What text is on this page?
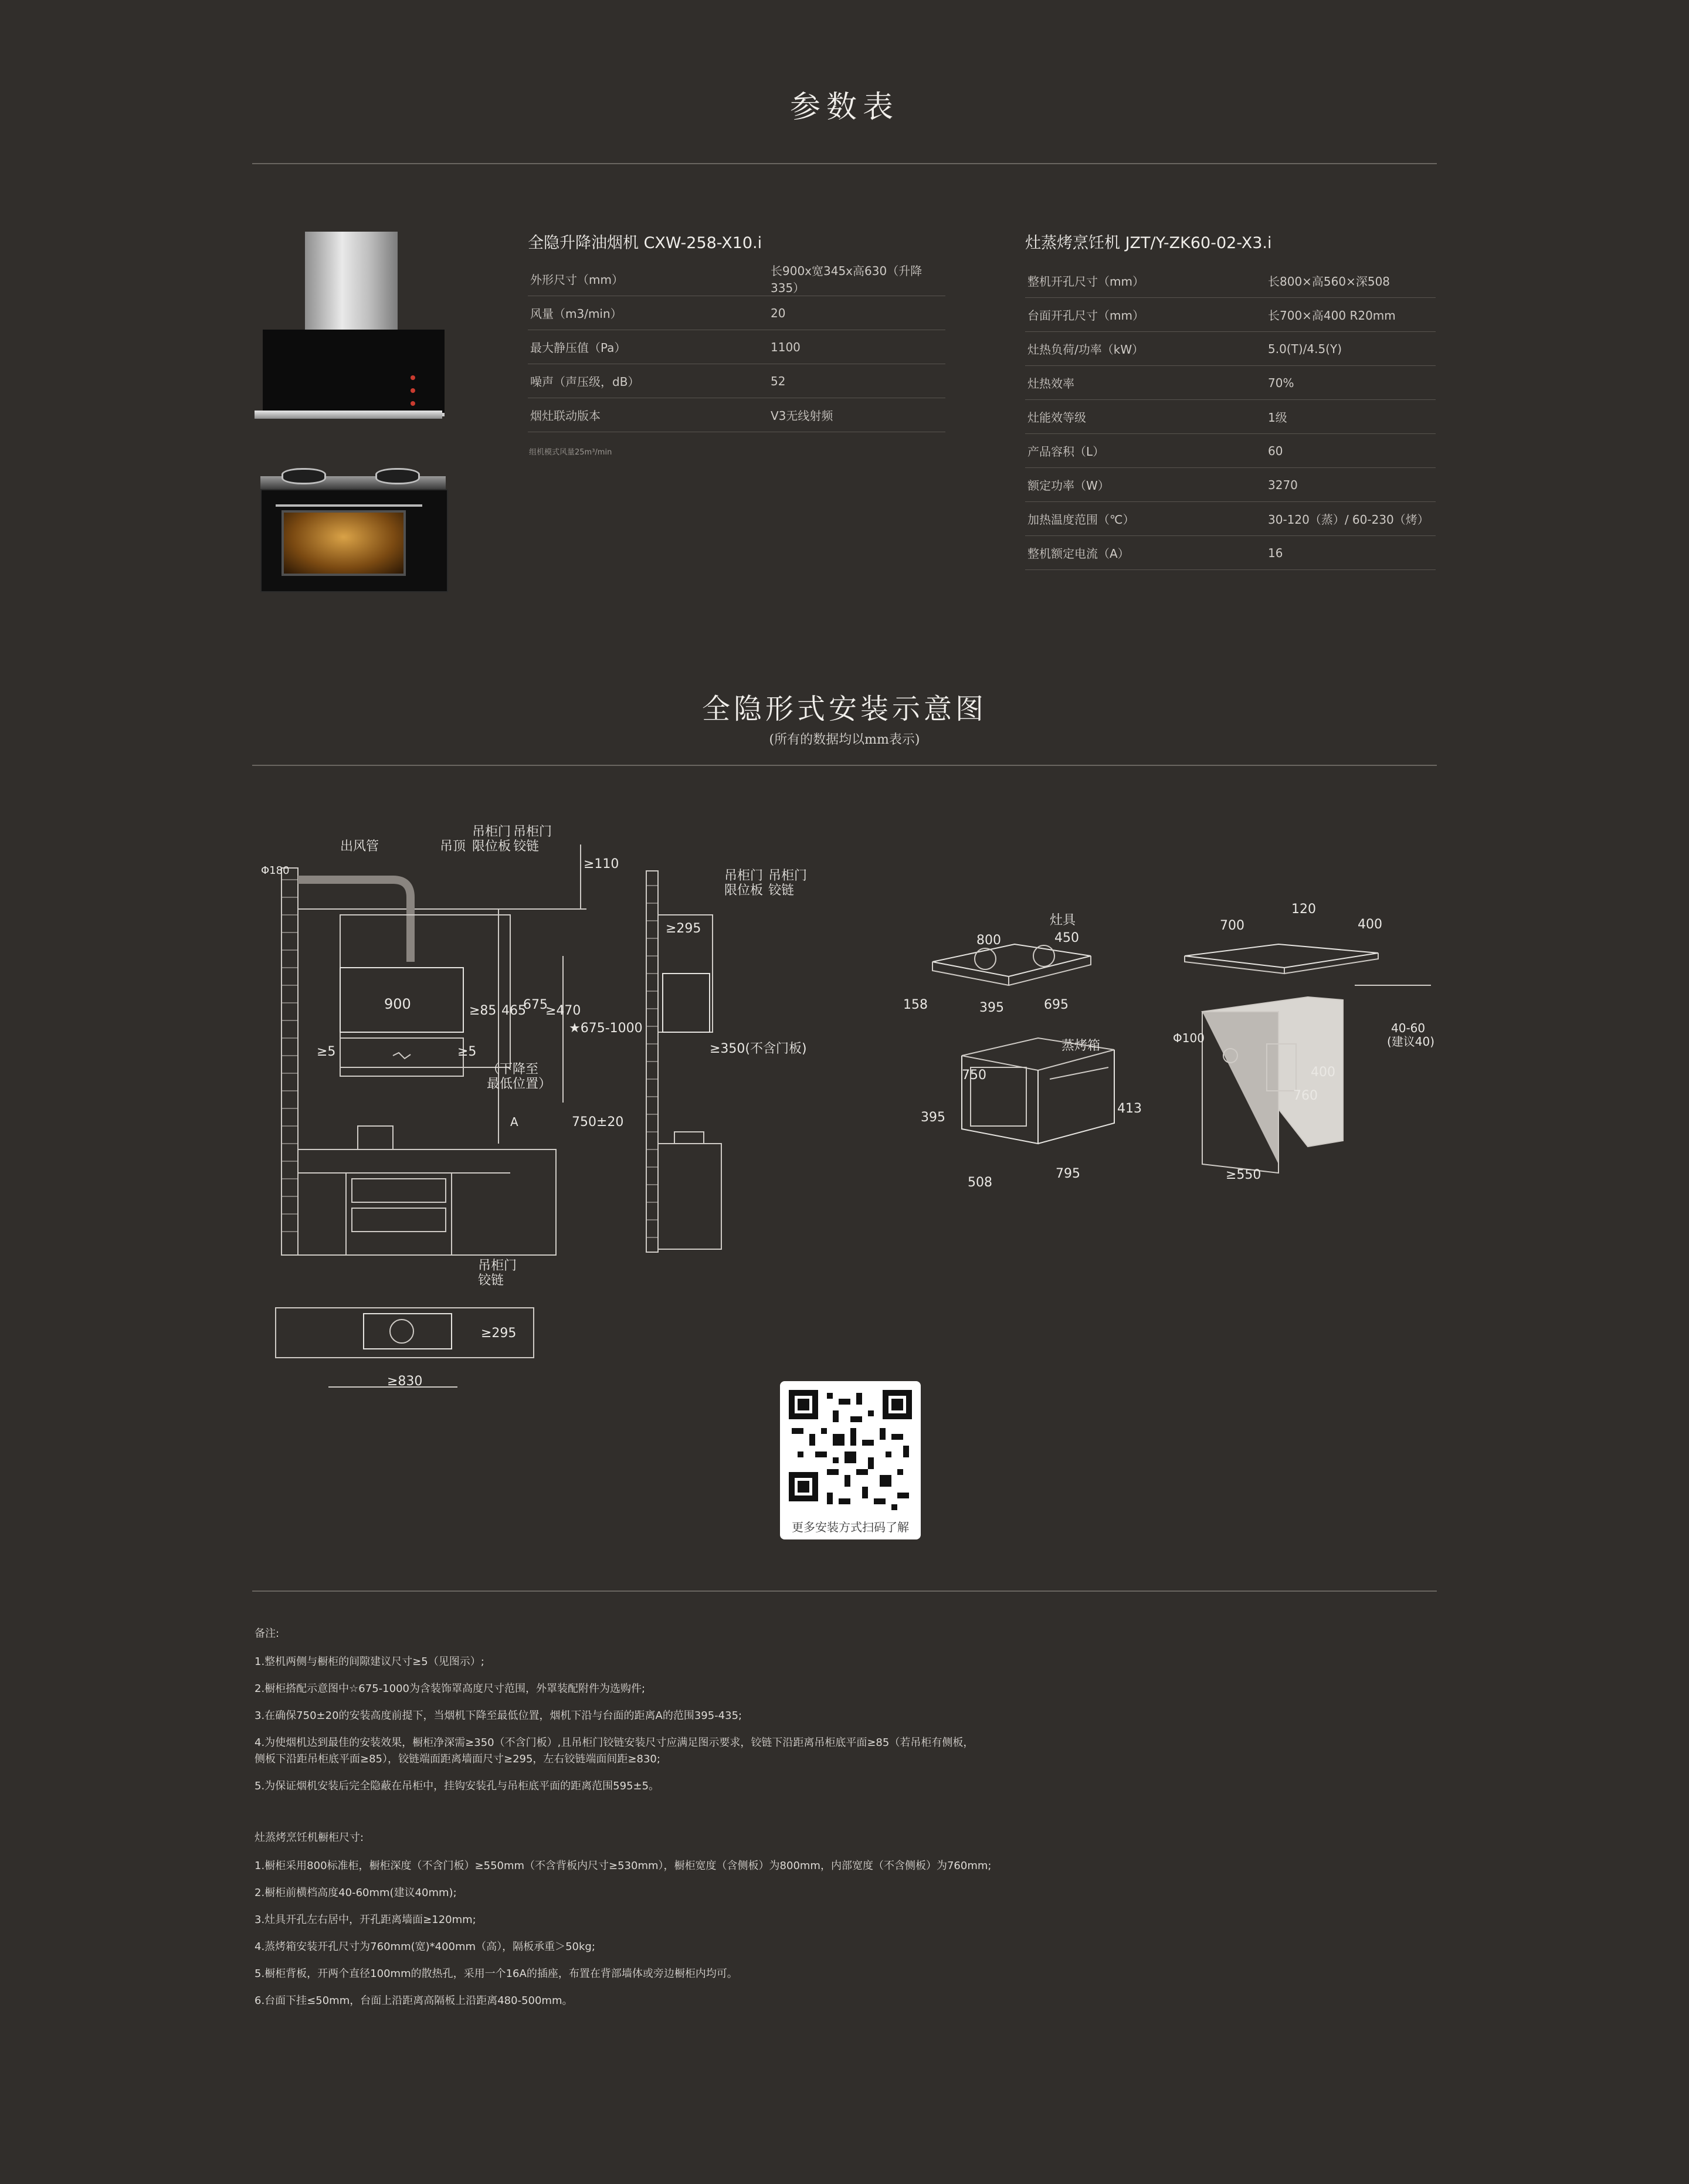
参数表
全隐升降油烟机 CXW-258-X10.i
外形尺寸（mm）	长900x宽345x高630（升降335）
风量（m3/min）	20
最大静压值（Pa）	1100
噪声（声压级，dB）	52
烟灶联动版本	V3无线射频
组机模式风量25m³/min
灶蒸烤烹饪机 JZT/Y-ZK60-02-X3.i
整机开孔尺寸（mm）	长800×高560×深508
台面开孔尺寸（mm）	长700×高400 R20mm
灶热负荷/功率（kW）	5.0(T)/4.5(Y)
灶热效率	70%
灶能效等级	1级
产品容积（L）	60
额定功率（W）	3270
加热温度范围（℃）	30-120（蒸）/ 60-230（烤）
整机额定电流（A）	16
全隐形式安装示意图
(所有的数据均以mm表示)
出风管	吊顶
吊柜门
限位板
吊柜门
铰链
Φ180	≥110
900	≥85 465
675
≥470
★675-1000
≥5	≥5
（下降至
最低位置）
750±20
A
≥295
≥350(不含门板)
吊柜门
限位板
吊柜门
铰链
吊柜门
铰链
≥295
≥830
灶具
800	450
158	395	695
蒸烤箱
750
395
413
508
795
700
120
400
Φ100
400
760
40-60
(建议40)
≥550
更多安装方式扫码了解

备注:

1.整机两侧与橱柜的间隙建议尺寸≥5（见图示）;

2.橱柜搭配示意图中☆675-1000为含装饰罩高度尺寸范围，外罩装配附件为选购件;

3.在确保750±20的安装高度前提下，当烟机下降至最低位置，烟机下沿与台面的距离A的范围395-435;

4.为使烟机达到最佳的安装效果，橱柜净深需≥350（不含门板）,且吊柜门铰链安装尺寸应满足图示要求，铰链下沿距离吊柜底平面≥85（若吊柜有侧板，

侧板下沿距吊柜底平面≥85），铰链端面距离墙面尺寸≥295，左右铰链端面间距≥830;

5.为保证烟机安装后完全隐蔽在吊柜中，挂钩安装孔与吊柜底平面的距离范围595±5。

灶蒸烤烹饪机橱柜尺寸:

1.橱柜采用800标准柜，橱柜深度（不含门板）≥550mm（不含背板内尺寸≥530mm），橱柜宽度（含侧板）为800mm，内部宽度（不含侧板）为760mm;

2.橱柜前横档高度40-60mm(建议40mm);

3.灶具开孔左右居中，开孔距离墙面≥120mm;

4.蒸烤箱安装开孔尺寸为760mm(宽)*400mm（高），隔板承重＞50kg;

5.橱柜背板，开两个直径100mm的散热孔，采用一个16A的插座，布置在背部墙体或旁边橱柜内均可。

6.台面下挂≤50mm，台面上沿距离高隔板上沿距离480-500mm。
